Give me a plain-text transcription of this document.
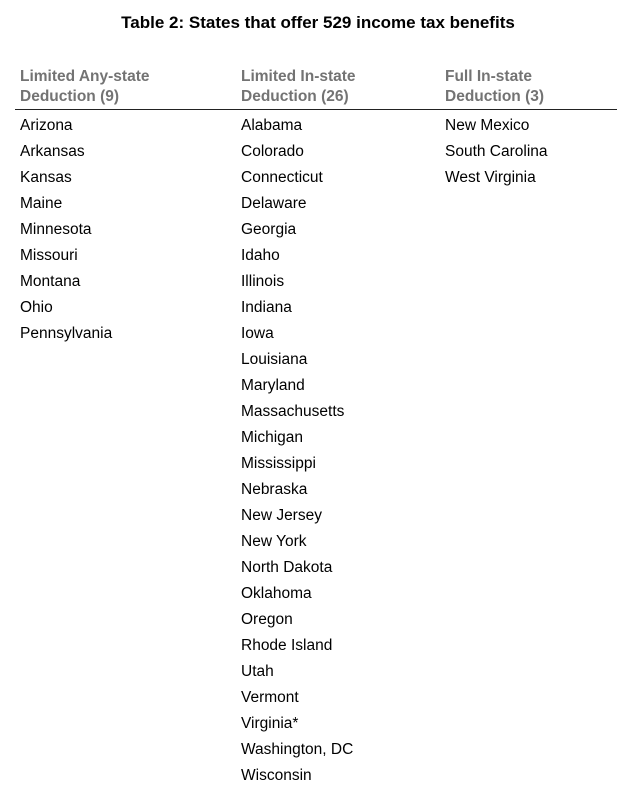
Table 2: States that offer 529 income tax benefits
Limited Any-state
Deduction (9)
Limited In-state
Deduction (26)
Full In-state
Deduction (3)
Arizona
Arkansas
Kansas
Maine
Minnesota
Missouri
Montana
Ohio
Pennsylvania
Alabama
Colorado
Connecticut
Delaware
Georgia
Idaho
Illinois
Indiana
Iowa
Louisiana
Maryland
Massachusetts
Michigan
Mississippi
Nebraska
New Jersey
New York
North Dakota
Oklahoma
Oregon
Rhode Island
Utah
Vermont
Virginia*
Washington, DC
Wisconsin
New Mexico
South Carolina
West Virginia
